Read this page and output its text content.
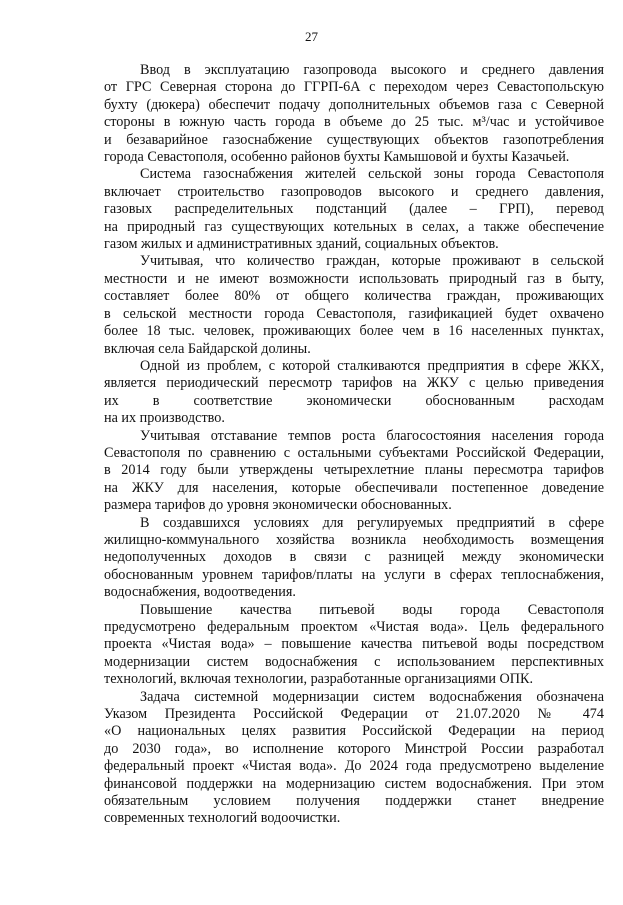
27

Ввод в эксплуатацию газопровода высокого и среднего давления
от ГРС Северная сторона до ГГРП-6А с переходом через Севастопольскую
бухту (дюкера) обеспечит подачу дополнительных объемов газа с Северной
стороны в южную часть города в объеме до 25 тыс. м³/час и устойчивое
и безаварийное газоснабжение существующих объектов газопотребления
города Севастополя, особенно районов бухты Камышовой и бухты Казачьей.

Система газоснабжения жителей сельской зоны города Севастополя
включает строительство газопроводов высокого и среднего давления,
газовых распределительных подстанций (далее – ГРП), перевод
на природный газ существующих котельных в селах, а также обеспечение
газом жилых и административных зданий, социальных объектов.

Учитывая, что количество граждан, которые проживают в сельской
местности и не имеют возможности использовать природный газ в быту,
составляет более 80% от общего количества граждан, проживающих
в сельской местности города Севастополя, газификацией будет охвачено
более 18 тыс. человек, проживающих более чем в 16 населенных пунктах,
включая села Байдарской долины.

Одной из проблем, с которой сталкиваются предприятия в сфере ЖКХ,
является периодический пересмотр тарифов на ЖКУ с целью приведения
их в соответствие экономически обоснованным расходам
на их производство.

Учитывая отставание темпов роста благосостояния населения города
Севастополя по сравнению с остальными субъектами Российской Федерации,
в 2014 году были утверждены четырехлетние планы пересмотра тарифов
на ЖКУ для населения, которые обеспечивали постепенное доведение
размера тарифов до уровня экономически обоснованных.

В создавшихся условиях для регулируемых предприятий в сфере
жилищно-коммунального хозяйства возникла необходимость возмещения
недополученных доходов в связи с разницей между экономически
обоснованным уровнем тарифов/платы на услуги в сферах теплоснабжения,
водоснабжения, водоотведения.

Повышение качества питьевой воды города Севастополя
предусмотрено федеральным проектом «Чистая вода». Цель федерального
проекта «Чистая вода» – повышение качества питьевой воды посредством
модернизации систем водоснабжения с использованием перспективных
технологий, включая технологии, разработанные организациями ОПК.

Задача системной модернизации систем водоснабжения обозначена
Указом Президента Российской Федерации от 21.07.2020 № 474
«О национальных целях развития Российской Федерации на период
до 2030 года», во исполнение которого Минстрой России разработал
федеральный проект «Чистая вода». До 2024 года предусмотрено выделение
финансовой поддержки на модернизацию систем водоснабжения. При этом
обязательным условием получения поддержки станет внедрение
современных технологий водоочистки.
